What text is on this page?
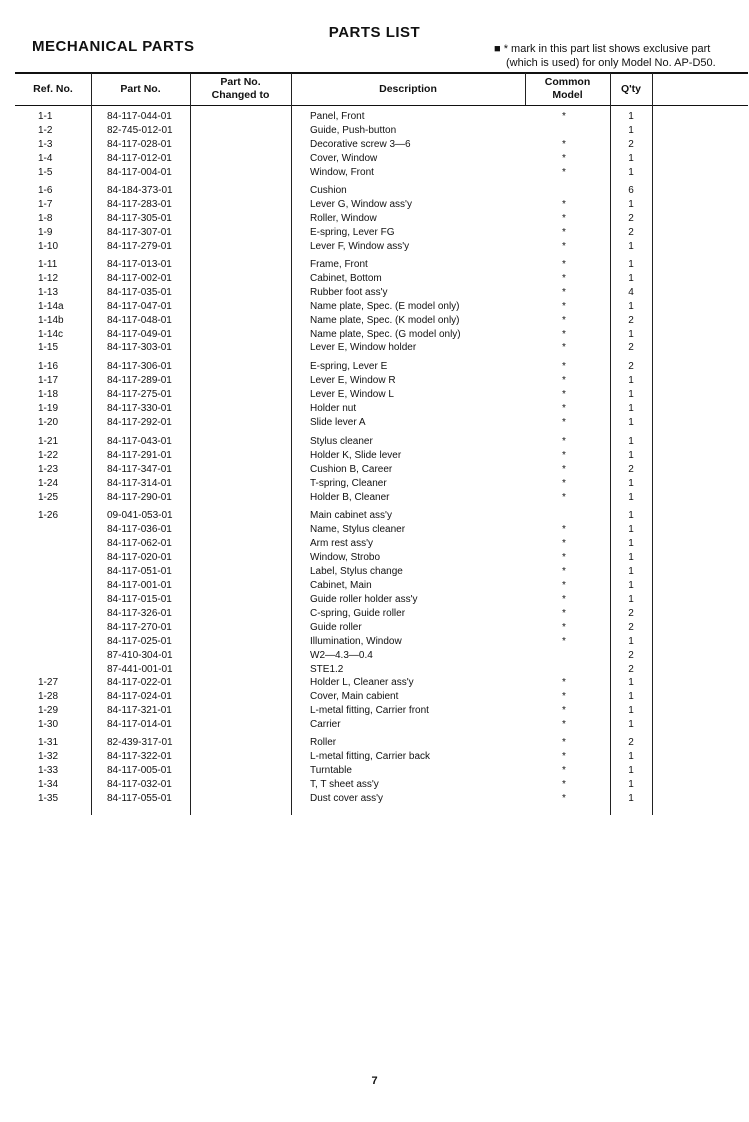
PARTS LIST
MECHANICAL PARTS	■ * mark in this part list shows exclusive part
(which is used) for only Model No. AP-D50.
Ref. No.	Part No.
Part No.
Changed to
Description
Common
Model
Q'ty
1-1	84-117-044-01	Panel, Front	*	1
1-2	82-745-012-01	Guide, Push-button	1
1-3	84-117-028-01	Decorative screw 3—6	*	2
1-4	84-117-012-01	Cover, Window	*	1
1-5	84-117-004-01	Window, Front	*	1
1-6	84-184-373-01	Cushion	6
1-7	84-117-283-01	Lever G, Window ass'y	*	1
1-8	84-117-305-01	Roller, Window	*	2
1-9	84-117-307-01	E-spring, Lever FG	*	2
1-10	84-117-279-01	Lever F, Window ass'y	*	1
1-11	84-117-013-01	Frame, Front	*	1
1-12	84-117-002-01	Cabinet, Bottom	*	1
1-13	84-117-035-01	Rubber foot ass'y	*	4
1-14a	84-117-047-01	Name plate, Spec. (E model only)	*	1
1-14b	84-117-048-01	Name plate, Spec. (K model only)	*	2
1-14c	84-117-049-01	Name plate, Spec. (G model only)	*	1
1-15	84-117-303-01	Lever E, Window holder	*	2
1-16	84-117-306-01	E-spring, Lever E	*	2
1-17	84-117-289-01	Lever E, Window R	*	1
1-18	84-117-275-01	Lever E, Window L	*	1
1-19	84-117-330-01	Holder nut	*	1
1-20	84-117-292-01	Slide lever A	*	1
1-21	84-117-043-01	Stylus cleaner	*	1
1-22	84-117-291-01	Holder K, Slide lever	*	1
1-23	84-117-347-01	Cushion B, Career	*	2
1-24	84-117-314-01	T-spring, Cleaner	*	1
1-25	84-117-290-01	Holder B, Cleaner	*	1
1-26	09-041-053-01	Main cabinet ass'y	1
84-117-036-01	Name, Stylus cleaner	*	1
84-117-062-01	Arm rest ass'y	*	1
84-117-020-01	Window, Strobo	*	1
84-117-051-01	Label, Stylus change	*	1
84-117-001-01	Cabinet, Main	*	1
84-117-015-01	Guide roller holder ass'y	*	1
84-117-326-01	C-spring, Guide roller	*	2
84-117-270-01	Guide roller	*	2
84-117-025-01	Illumination, Window	*	1
87-410-304-01	W2—4.3—0.4	2
87-441-001-01	STE1.2	2
1-27	84-117-022-01	Holder L, Cleaner ass'y	*	1
1-28	84-117-024-01	Cover, Main cabient	*	1
1-29	84-117-321-01	L-metal fitting, Carrier front	*	1
1-30	84-117-014-01	Carrier	*	1
1-31	82-439-317-01	Roller	*	2
1-32	84-117-322-01	L-metal fitting, Carrier back	*	1
1-33	84-117-005-01	Turntable	*	1
1-34	84-117-032-01	T, T sheet ass'y	*	1
1-35	84-117-055-01	Dust cover ass'y	*	1
7
